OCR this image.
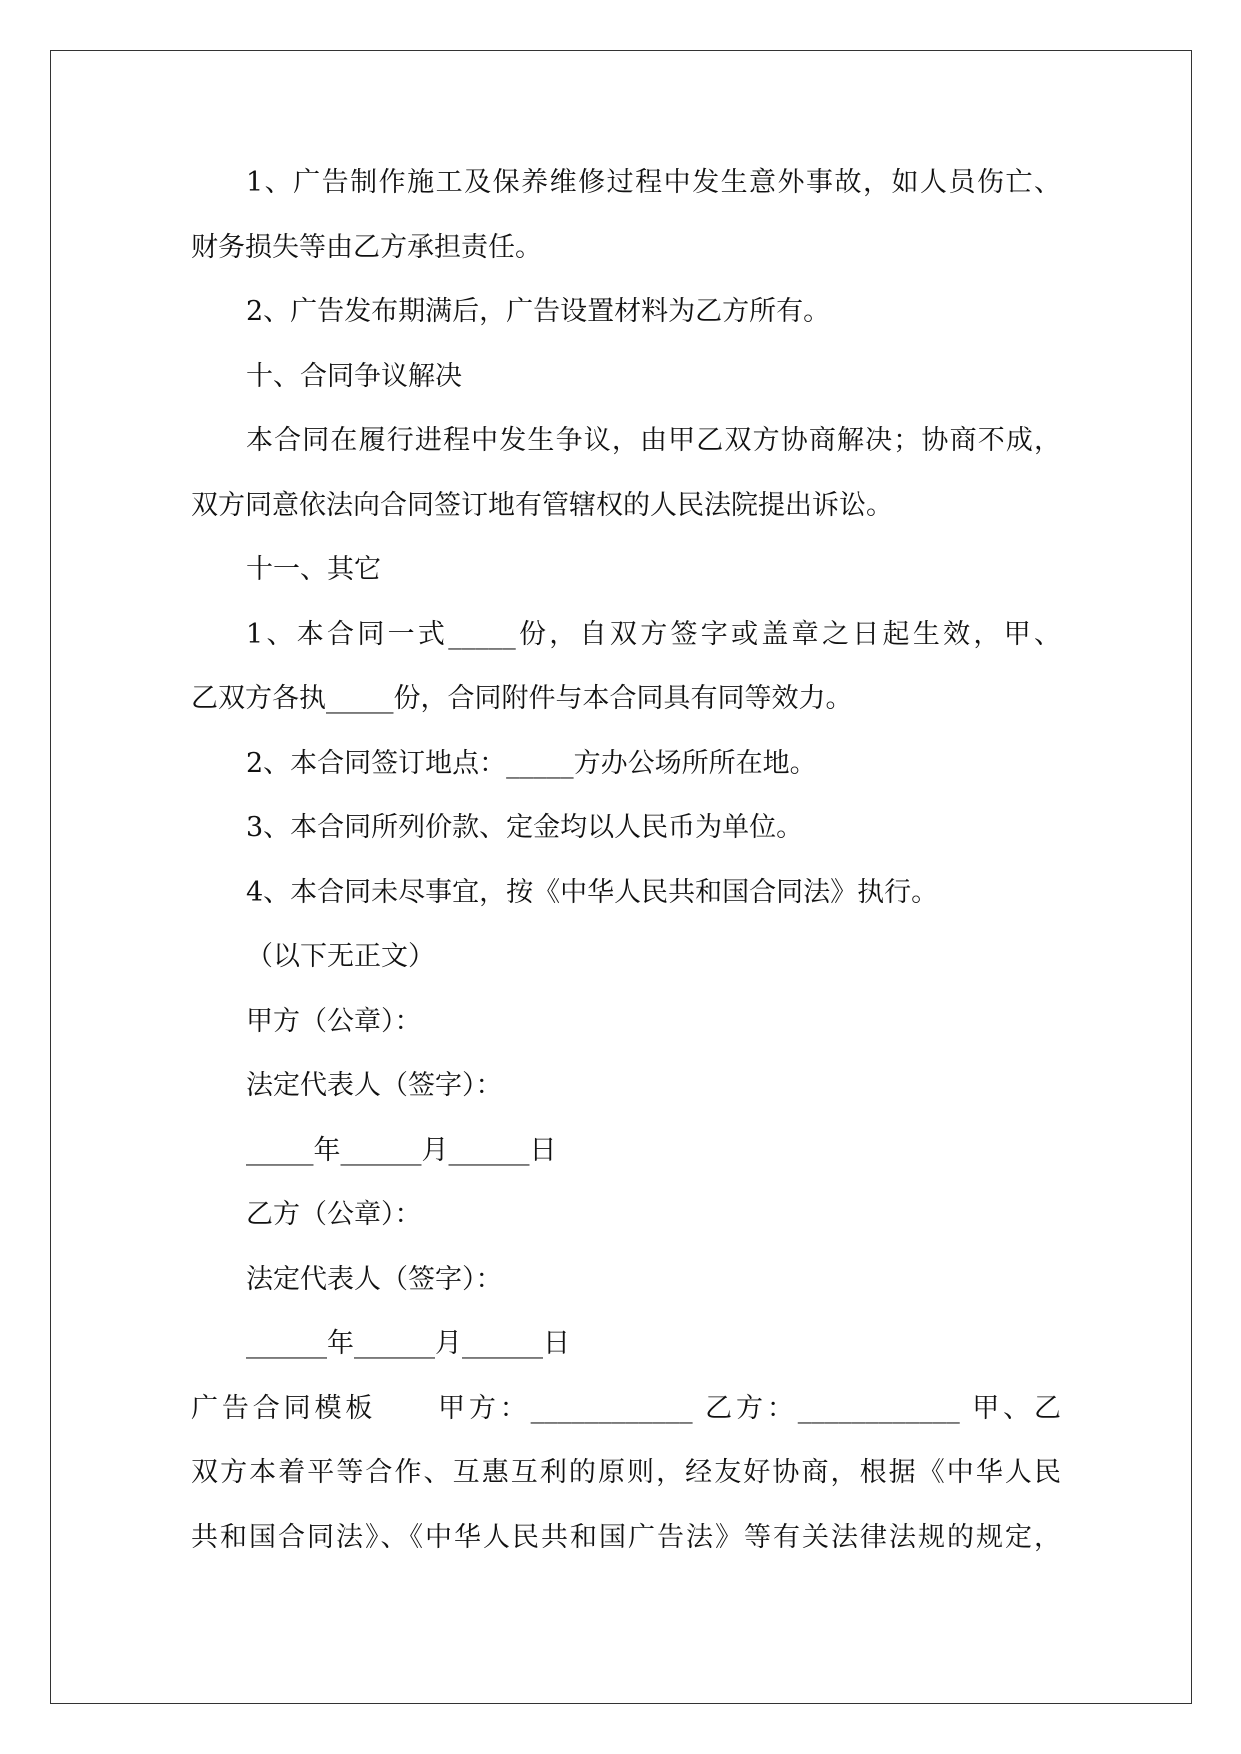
1、广告制作施工及保养维修过程中发生意外事故，如人员伤亡、
财务损失等由乙方承担责任。
2、广告发布期满后，广告设置材料为乙方所有。
十、合同争议解决
本合同在履行进程中发生争议，由甲乙双方协商解决；协商不成，
双方同意依法向合同签订地有管辖权的人民法院提出诉讼。
十一、其它
1、本合同一式_____份，自双方签字或盖章之日起生效，甲、
乙双方各执_____份，合同附件与本合同具有同等效力。
2、本合同签订地点：_____方办公场所所在地。
3、本合同所列价款、定金均以人民币为单位。
4、本合同未尽事宜，按《中华人民共和国合同法》执行。
（以下无正文）
甲方（公章）：
法定代表人（签字）：
_____年______月______日
乙方（公章）：
法定代表人（签字）：
______年______月______日
广告合同模板　　甲方：____________ 乙方：____________ 甲、乙
双方本着平等合作、互惠互利的原则，经友好协商，根据《中华人民
共和国合同法》、《中华人民共和国广告法》等有关法律法规的规定，
